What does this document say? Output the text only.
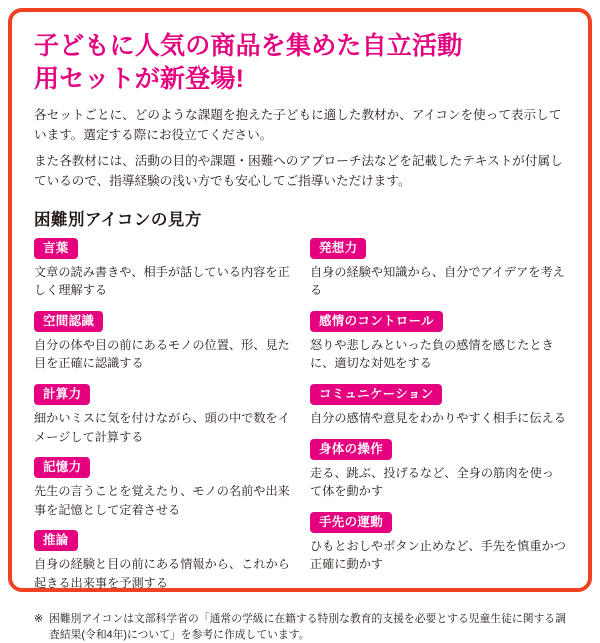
子どもに人気の商品を集めた自立活動
用セットが新登場!

各セットごとに、どのような課題を抱えた子どもに適した教材か、アイコンを使って表示しています。選定する際にお役立てください。

また各教材には、活動の目的や課題・困難へのアプローチ法などを記載したテキストが付属しているので、指導経験の浅い方でも安心してご指導いただけます。

困難別アイコンの見方
言葉

文章の読み書きや、相手が話している内容を正しく理解する

空間認識

自分の体や目の前にあるモノの位置、形、見た目を正確に認識する

計算力

細かいミスに気を付けながら、頭の中で数をイメージして計算する

記憶力

先生の言うことを覚えたり、モノの名前や出来事を記憶として定着させる

推論

自身の経験と目の前にある情報から、これから起きる出来事を予測する

発想力

自身の経験や知識から、自分でアイデアを考える

感情のコントロール

怒りや悲しみといった負の感情を感じたときに、適切な対処をする

コミュニケーション

自分の感情や意見をわかりやすく相手に伝える

身体の操作

走る、跳ぶ、投げるなど、全身の筋肉を使って体を動かす

手先の運動

ひもとおしやボタン止めなど、手先を慎重かつ正確に動かす

※ 困難別アイコンは文部科学省の「通常の学級に在籍する特別な教育的支援を必要とする児童生徒に関する調査結果(令和4年)について」を参考に作成しています。
